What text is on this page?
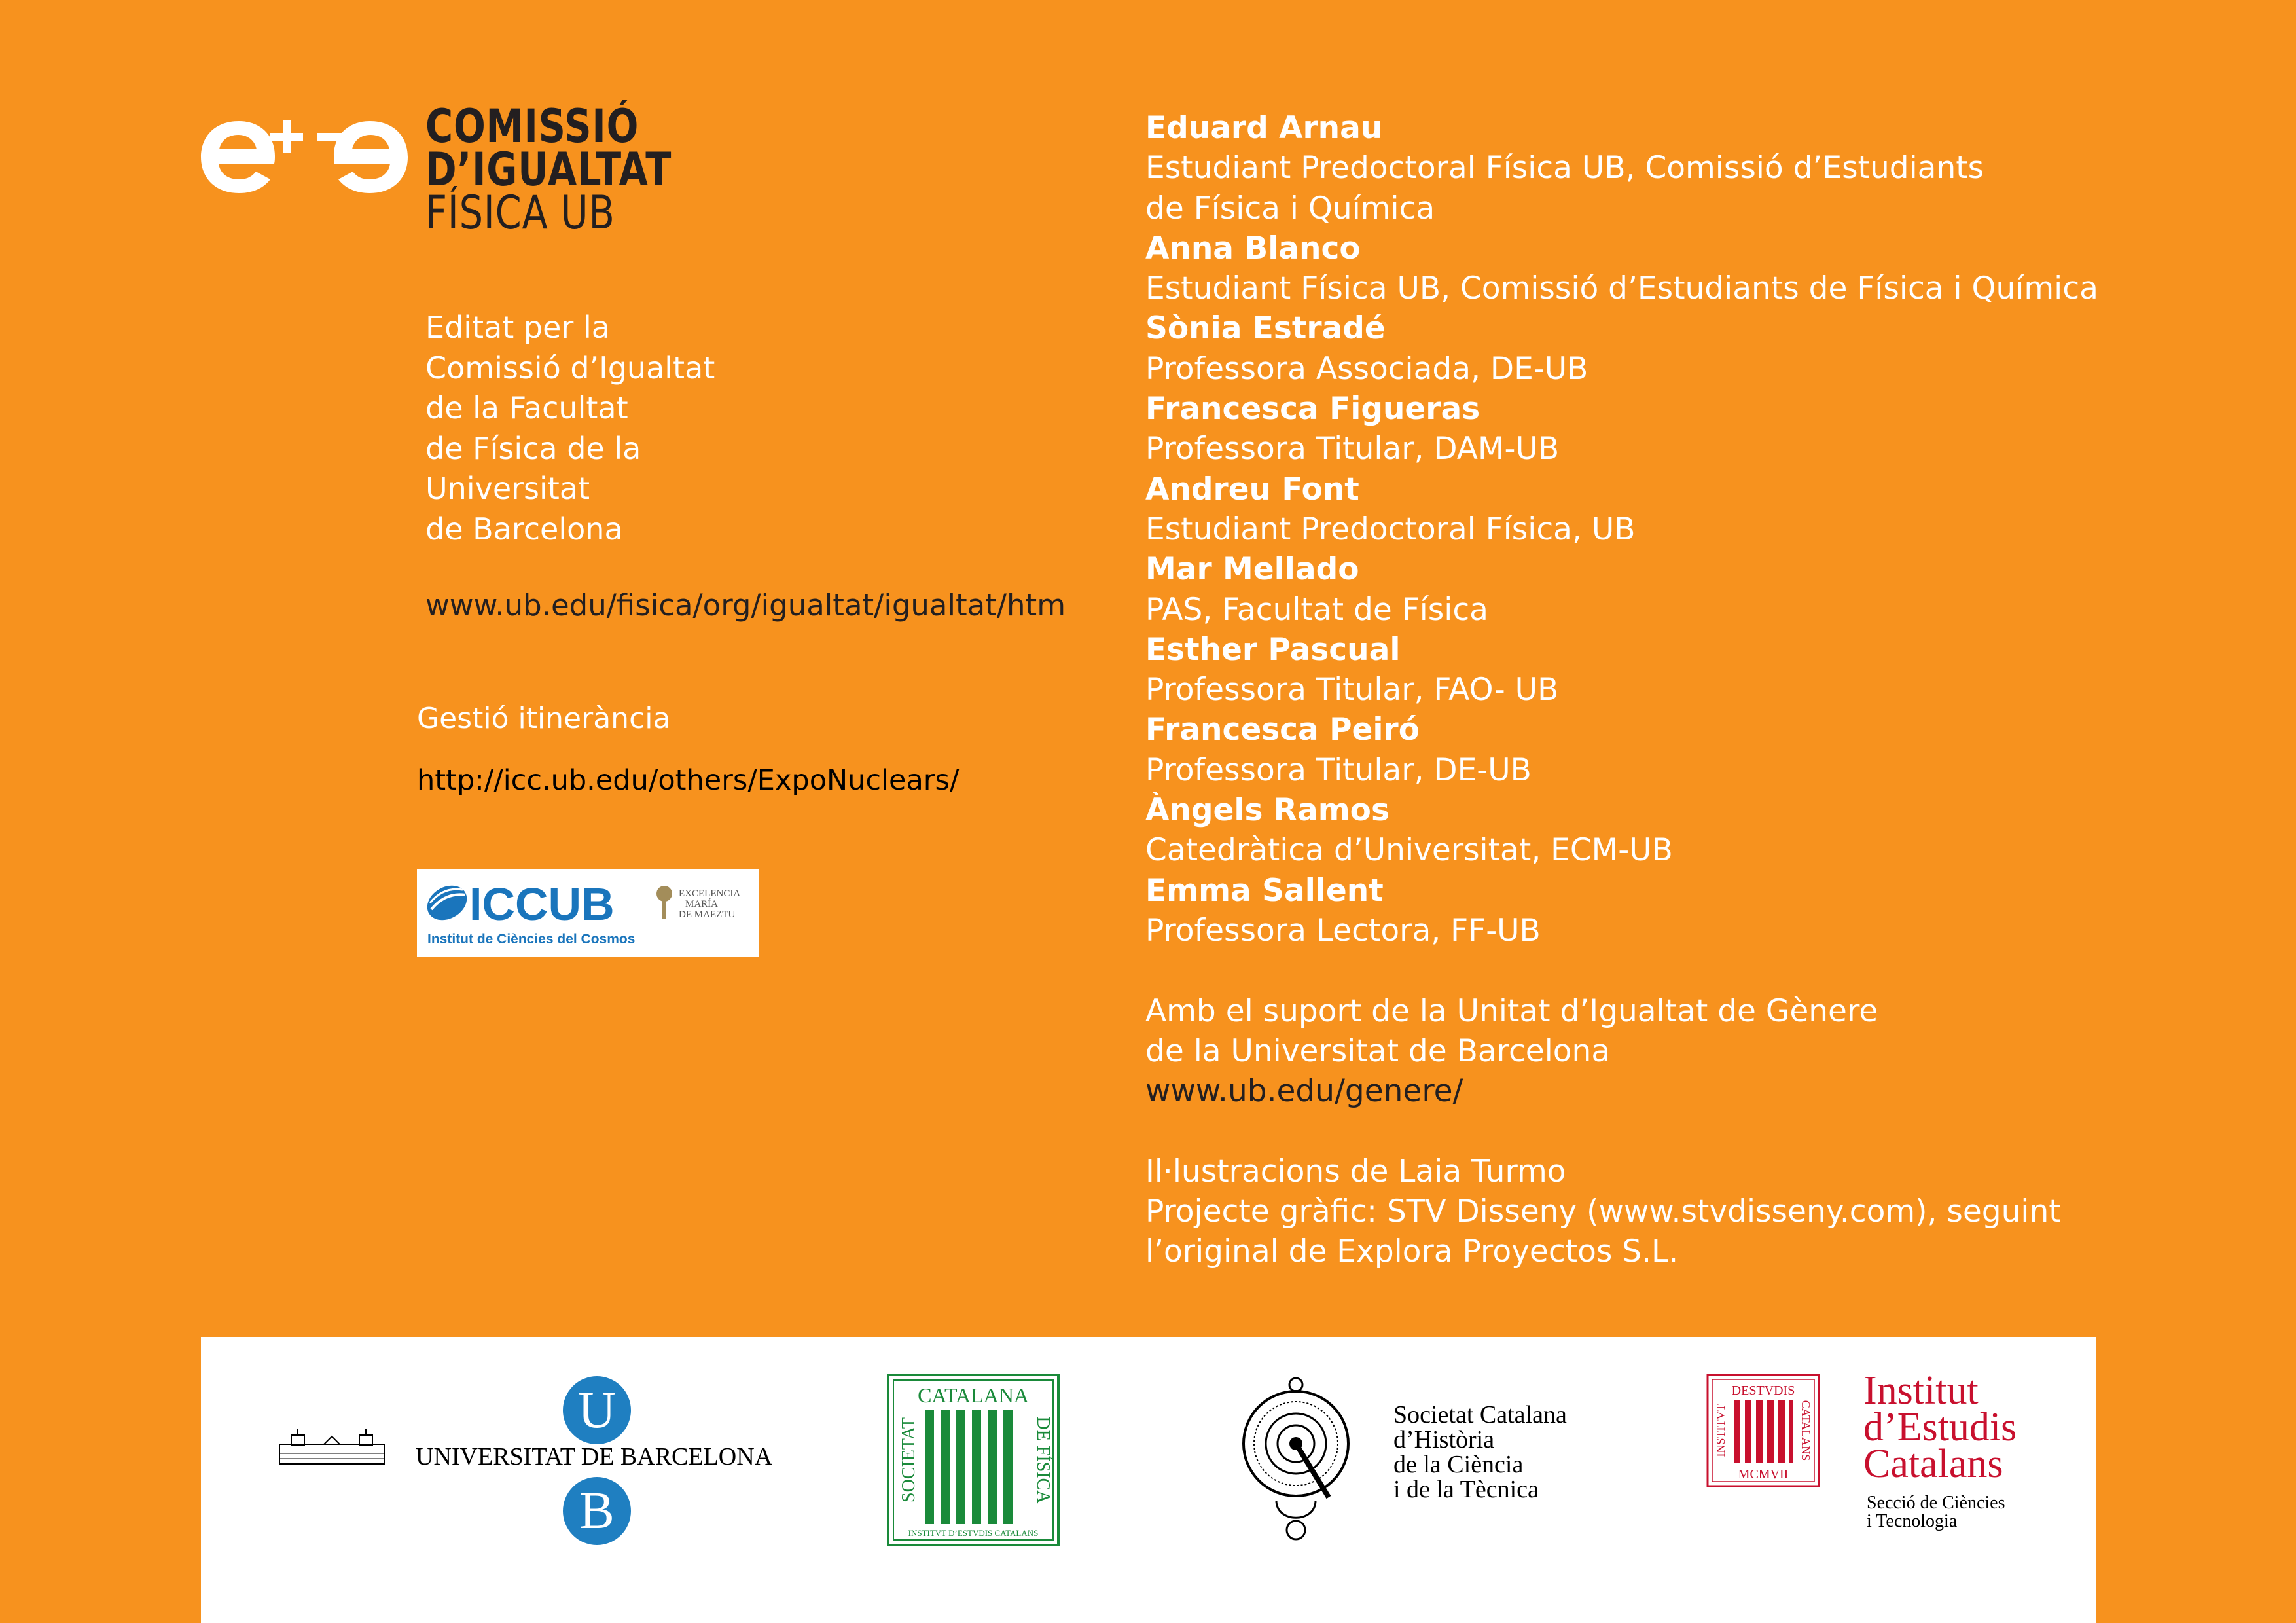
COMISSIÓ
D’IGUALTAT
FÍSICA UB
Editat per la
Comissió d’Igualtat
de la Facultat
de Física de la
Universitat
de Barcelona
www.ub.edu/fisica/org/igualtat/igualtat/htm
Gestió itinerància
http://icc.ub.edu/others/ExpoNuclears/
ICCUB
Institut de Ciències del Cosmos
EXCELENCIA
MARÍA
DE MAEZTU
Eduard Arnau
Estudiant Predoctoral Física UB, Comissió d’Estudiants
de Física i Química
Anna Blanco
Estudiant Física UB, Comissió d’Estudiants de Física i Química
Sònia Estradé
Professora Associada, DE-UB
Francesca Figueras
Professora Titular, DAM-UB
Andreu Font
Estudiant Predoctoral Física, UB
Mar Mellado
PAS, Facultat de Física
Esther Pascual
Professora Titular, FAO- UB
Francesca Peiró
Professora Titular, DE-UB
Àngels Ramos
Catedràtica d’Universitat, ECM-UB
Emma Sallent
Professora Lectora, FF-UB
Amb el suport de la Unitat d’Igualtat de Gènere
de la Universitat de Barcelona
www.ub.edu/genere/
Il·lustracions de Laia Turmo
Projecte gràfic: STV Disseny (www.stvdisseny.com), seguint
l’original de Explora Proyectos S.L.
U
UNIVERSITAT DE BARCELONA
B
CATALANA
INSTITVT D’ESTVDIS CATALANS
SOCIETAT	DE FÍSICA
Societat Catalana
d’Història
de la Ciència
i de la Tècnica
DESTVDIS
MCMVII
INSTITVT	CATALANS
Institut
d’Estudis
Catalans
Secció de Ciències
i Tecnologia
